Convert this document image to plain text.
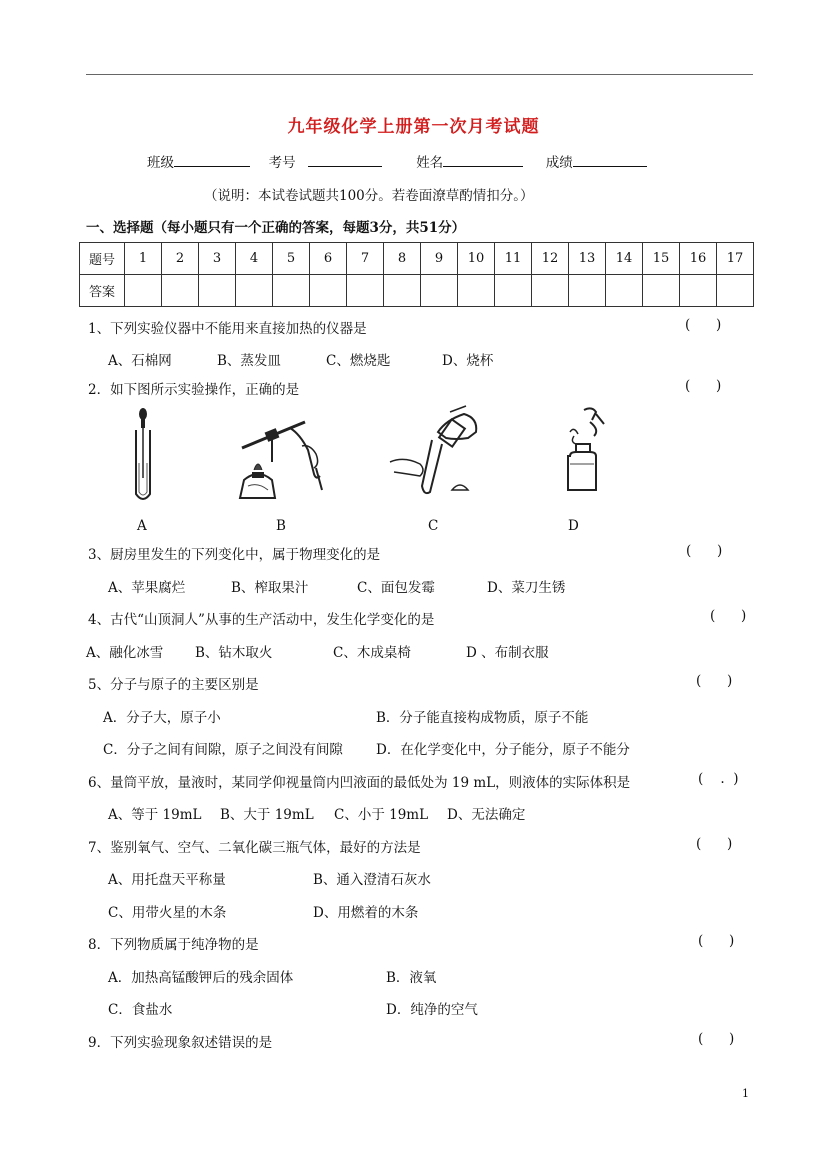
九年级化学上册第一次月考试题
班级	考号	姓名	成绩
（说明：本试卷试题共100分。若卷面潦草酌情扣分。）
一、选择题（每小题只有一个正确的答案，每题3分，共51分）
题号	1	2	3	4	5	6	7	8	9	10	11	12	13	14	15	16	17
答案																	
1、下列实验仪器中不能用来直接加热的仪器是	(      )
A、石棉网	B、蒸发皿	C、燃烧匙	D、烧杯
2．如下图所示实验操作，正确的是	(      )
A	B	C	D
3、厨房里发生的下列变化中，属于物理变化的是	(      )
A、苹果腐烂	B、榨取果汁	C、面包发霉	D、菜刀生锈
4、古代“山顶洞人”从事的生产活动中，发生化学变化的是	(      )
A、融化冰雪 B、钻木取火	C、木成桌椅	D 、布制衣服
5、分子与原子的主要区别是	(      )
A．分子大，原子小	B．分子能直接构成物质，原子不能
C．分子之间有间隙，原子之间没有间隙 D．在化学变化中，分子能分，原子不能分
6、量筒平放，量液时，某同学仰视量筒内凹液面的最低处为 19 mL，则液体的实际体积是	(    .  )
A、等于 19mL B、大于 19mL C、小于 19mL D、无法确定
7、鉴别氧气、空气、二氧化碳三瓶气体，最好的方法是	(      )
A、用托盘天平称量	B、通入澄清石灰水
C、用带火星的木条	D、用燃着的木条
8．下列物质属于纯净物的是	(      )
A．加热高锰酸钾后的残余固体	B．液氧
C．食盐水	D．纯净的空气
9．下列实验现象叙述错误的是	(      )
1
